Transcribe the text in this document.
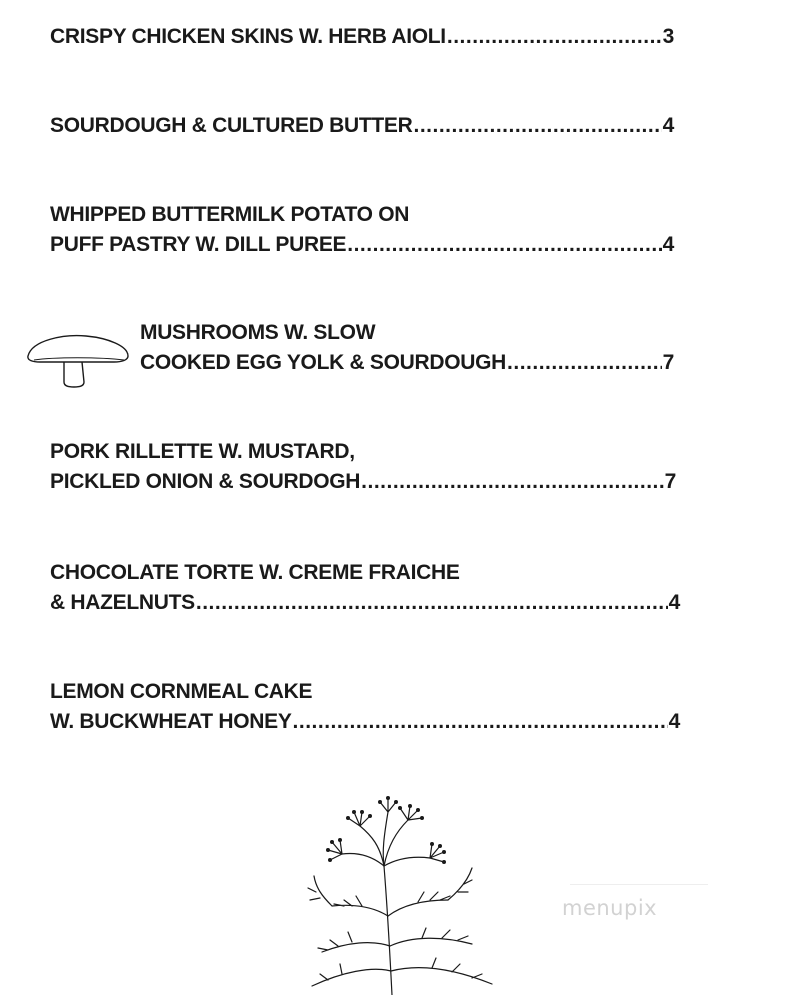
CRISPY CHICKEN SKINS W. HERB AIOLI .....	3
SOURDOUGH & CULTURED BUTTER .....	4
WHIPPED BUTTERMILK POTATO ON
PUFF PASTRY W. DILL PUREE .....	4
MUSHROOMS W. SLOW
COOKED EGG YOLK & SOURDOUGH .....	7
PORK RILLETTE W. MUSTARD,
PICKLED ONION & SOURDOGH .....	7
CHOCOLATE TORTE W. CREME FRAICHE
& HAZELNUTS .....	4
LEMON CORNMEAL CAKE
W. BUCKWHEAT HONEY .....	4
menupix
